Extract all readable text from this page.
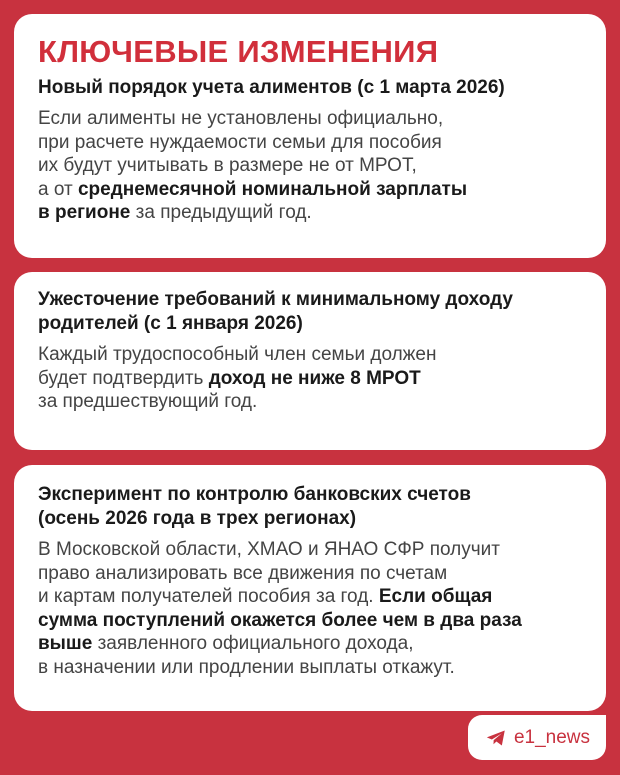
КЛЮЧЕВЫЕ ИЗМЕНЕНИЯ
Новый порядок учета алиментов (с 1 марта 2026)
Если алименты не установлены официально,
при расчете нуждаемости семьи для пособия
их будут учитывать в размере не от МРОТ,
а от среднемесячной номинальной зарплаты
в регионе за предыдущий год.
Ужесточение требований к минимальному доходу
родителей (с 1 января 2026)
Каждый трудоспособный член семьи должен
будет подтвердить доход не ниже 8 МРОТ
за предшествующий год.
Эксперимент по контролю банковских счетов
(осень 2026 года в трех регионах)
В Московской области, ХМАО и ЯНАО СФР получит
право анализировать все движения по счетам
и картам получателей пособия за год. Если общая
сумма поступлений окажется более чем в два раза
выше заявленного официального дохода,
в назначении или продлении выплаты откажут.
e1_news
